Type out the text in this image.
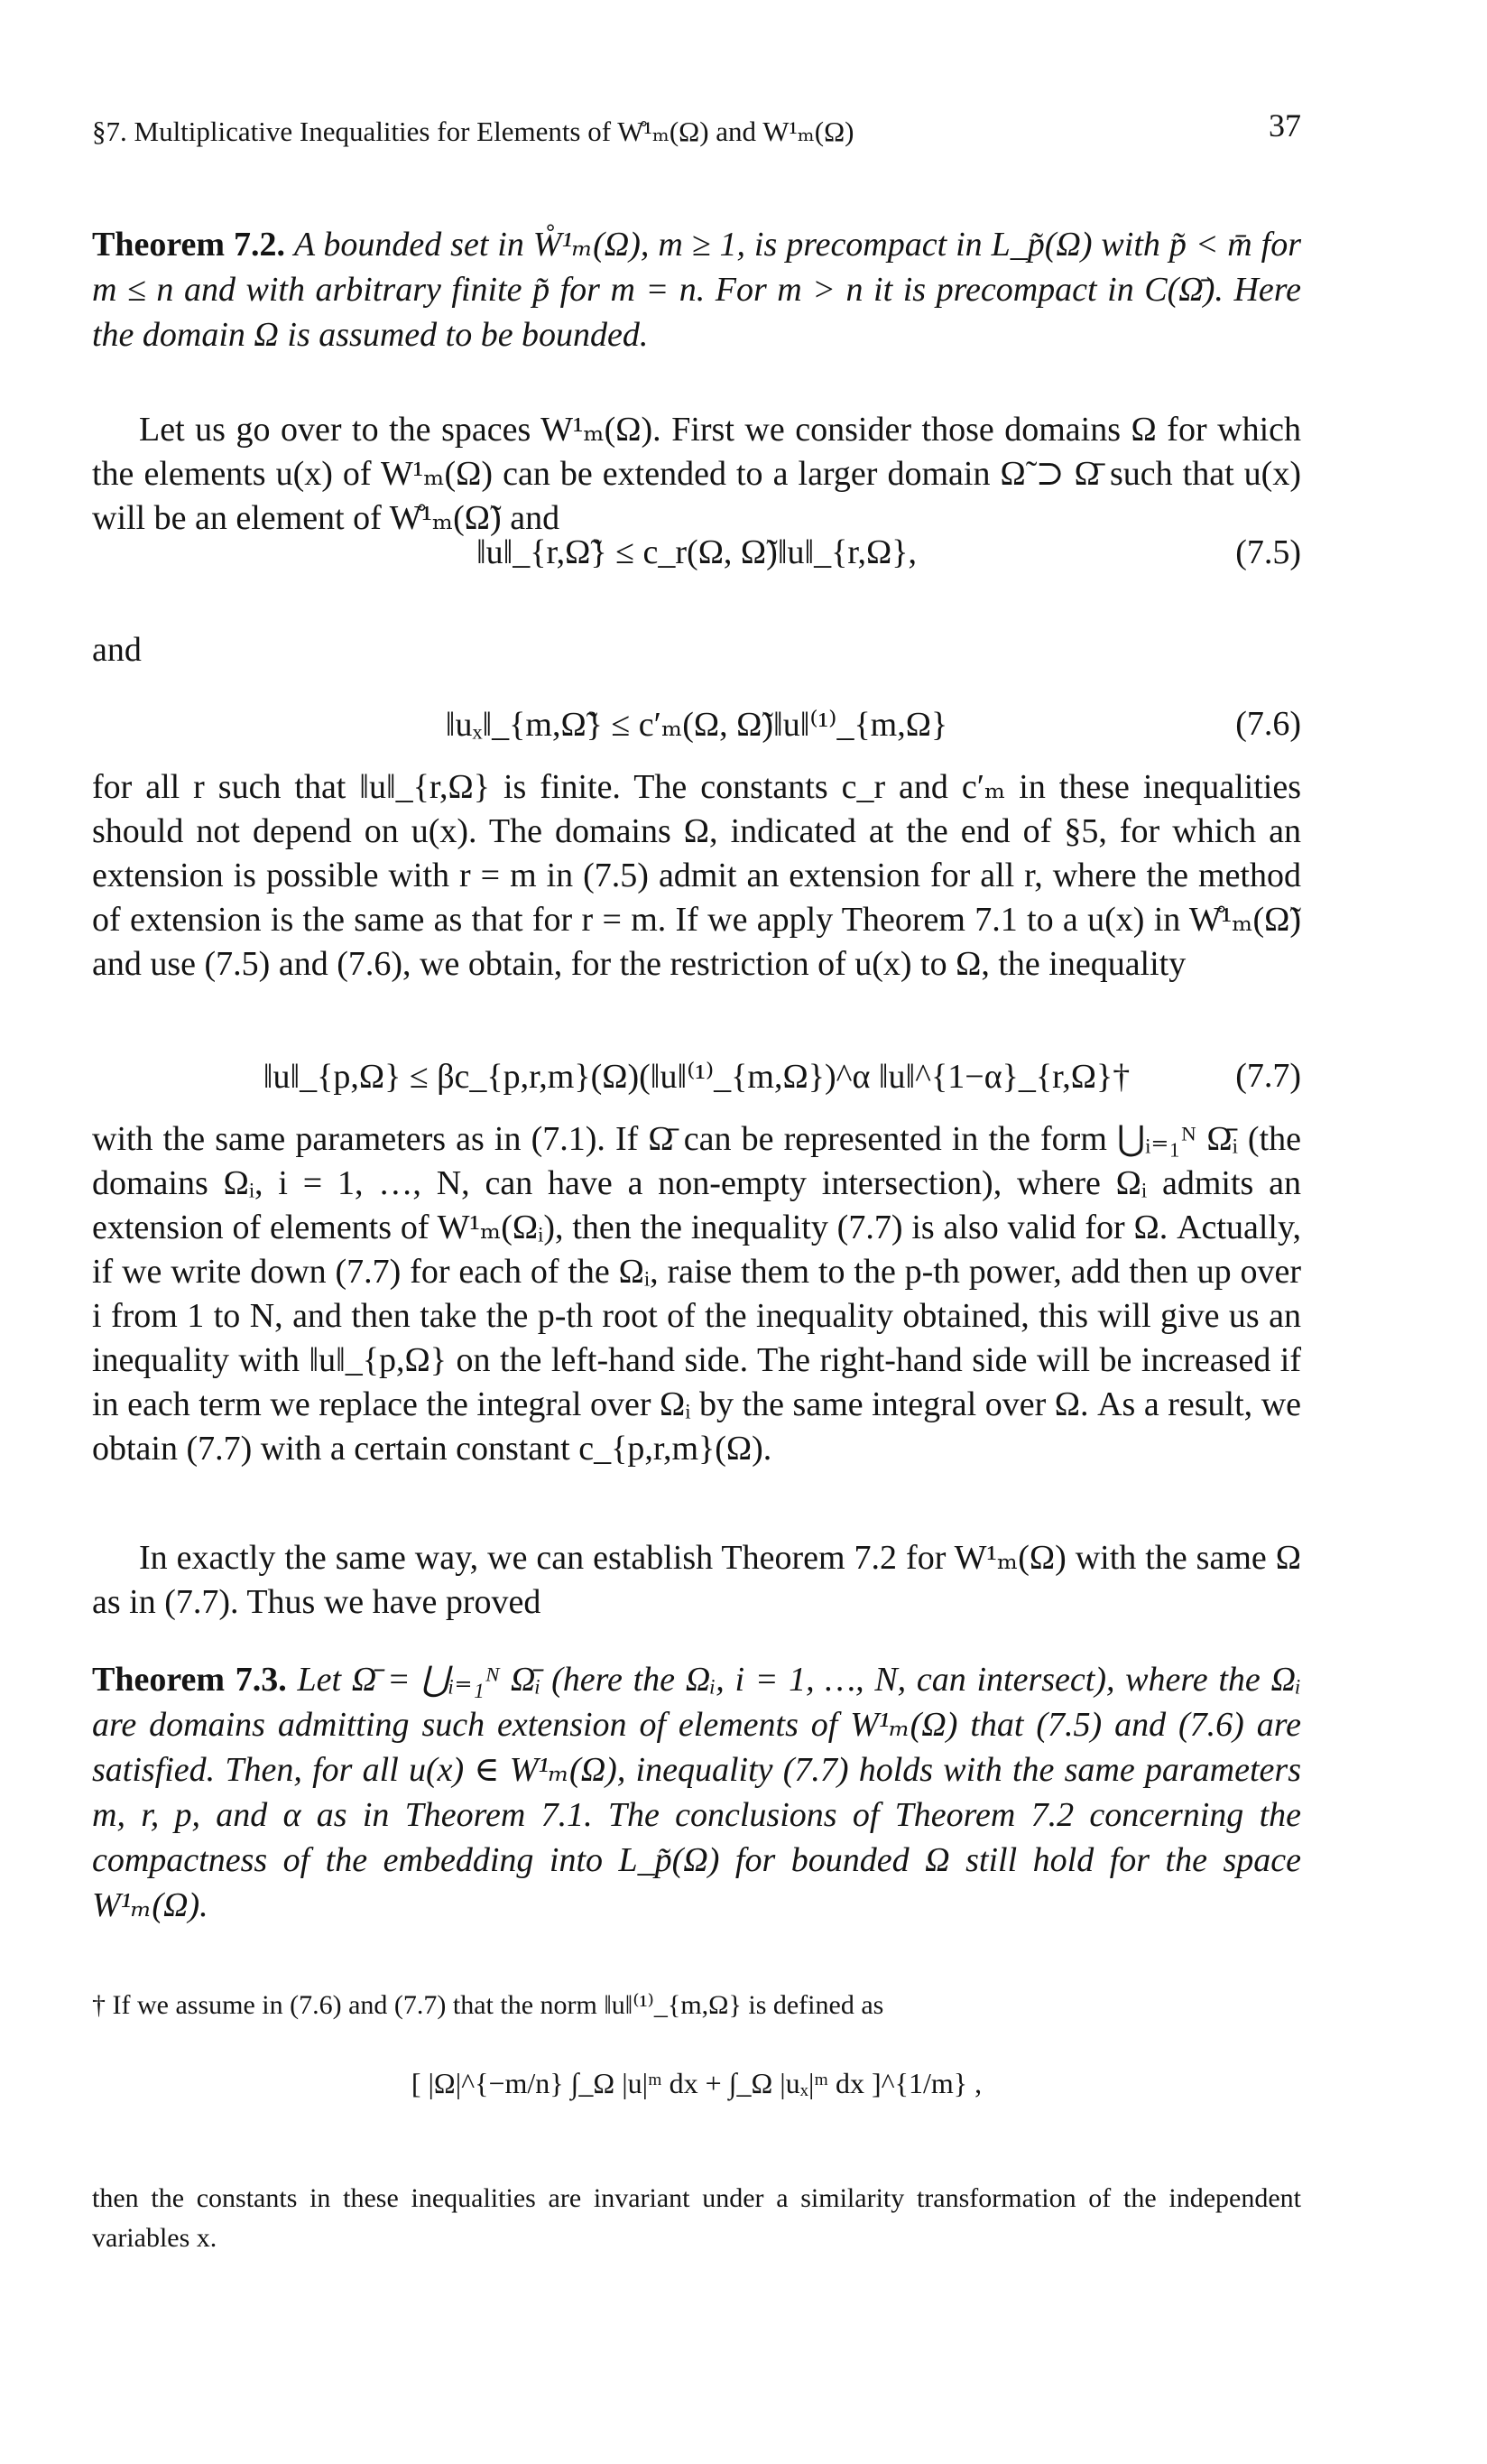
§7. Multiplicative Inequalities for Elements of W̊¹ₘ(Ω) and W¹ₘ(Ω)	37
Theorem 7.2. A bounded set in W̊¹ₘ(Ω), m ≥ 1, is precompact in L_p̃(Ω) with p̃ < m̄ for m ≤ n and with arbitrary finite p̃ for m = n. For m > n it is precompact in C(Ω̄). Here the domain Ω is assumed to be bounded.
Let us go over to the spaces W¹ₘ(Ω). First we consider those domains Ω for which the elements u(x) of W¹ₘ(Ω) can be extended to a larger domain Ω̃ ⊃ Ω̄ such that u(x) will be an element of W̊¹ₘ(Ω̃) and
‖u‖_{r,Ω̃} ≤ c_r(Ω, Ω̃)‖u‖_{r,Ω},	(7.5)
and
‖uₓ‖_{m,Ω̃} ≤ c′ₘ(Ω, Ω̃)‖u‖⁽¹⁾_{m,Ω}	(7.6)
for all r such that ‖u‖_{r,Ω} is finite. The constants c_r and c′ₘ in these inequalities should not depend on u(x). The domains Ω, indicated at the end of §5, for which an extension is possible with r = m in (7.5) admit an extension for all r, where the method of extension is the same as that for r = m. If we apply Theorem 7.1 to a u(x) in W̊¹ₘ(Ω̃) and use (7.5) and (7.6), we obtain, for the restriction of u(x) to Ω, the inequality
‖u‖_{p,Ω} ≤ βc_{p,r,m}(Ω)(‖u‖⁽¹⁾_{m,Ω})^α ‖u‖^{1−α}_{r,Ω}†	(7.7)
with the same parameters as in (7.1). If Ω̄ can be represented in the form ⋃ᵢ₌₁ᴺ Ω̄ᵢ (the domains Ωᵢ, i = 1, …, N, can have a non-empty intersection), where Ωᵢ admits an extension of elements of W¹ₘ(Ωᵢ), then the inequality (7.7) is also valid for Ω. Actually, if we write down (7.7) for each of the Ωᵢ, raise them to the p-th power, add then up over i from 1 to N, and then take the p-th root of the inequality obtained, this will give us an inequality with ‖u‖_{p,Ω} on the left-hand side. The right-hand side will be increased if in each term we replace the integral over Ωᵢ by the same integral over Ω. As a result, we obtain (7.7) with a certain constant c_{p,r,m}(Ω).
In exactly the same way, we can establish Theorem 7.2 for W¹ₘ(Ω) with the same Ω as in (7.7). Thus we have proved
Theorem 7.3. Let Ω̄ = ⋃ᵢ₌₁ᴺ Ω̄ᵢ (here the Ωᵢ, i = 1, …, N, can intersect), where the Ωᵢ are domains admitting such extension of elements of W¹ₘ(Ω) that (7.5) and (7.6) are satisfied. Then, for all u(x) ∈ W¹ₘ(Ω), inequality (7.7) holds with the same parameters m, r, p, and α as in Theorem 7.1. The conclusions of Theorem 7.2 concerning the compactness of the embedding into L_p̃(Ω) for bounded Ω still hold for the space W¹ₘ(Ω).
† If we assume in (7.6) and (7.7) that the norm ‖u‖⁽¹⁾_{m,Ω} is defined as
[ |Ω|^{−m/n} ∫_Ω |u|ᵐ dx + ∫_Ω |uₓ|ᵐ dx ]^{1/m} ,
then the constants in these inequalities are invariant under a similarity transformation of the independent variables x.
